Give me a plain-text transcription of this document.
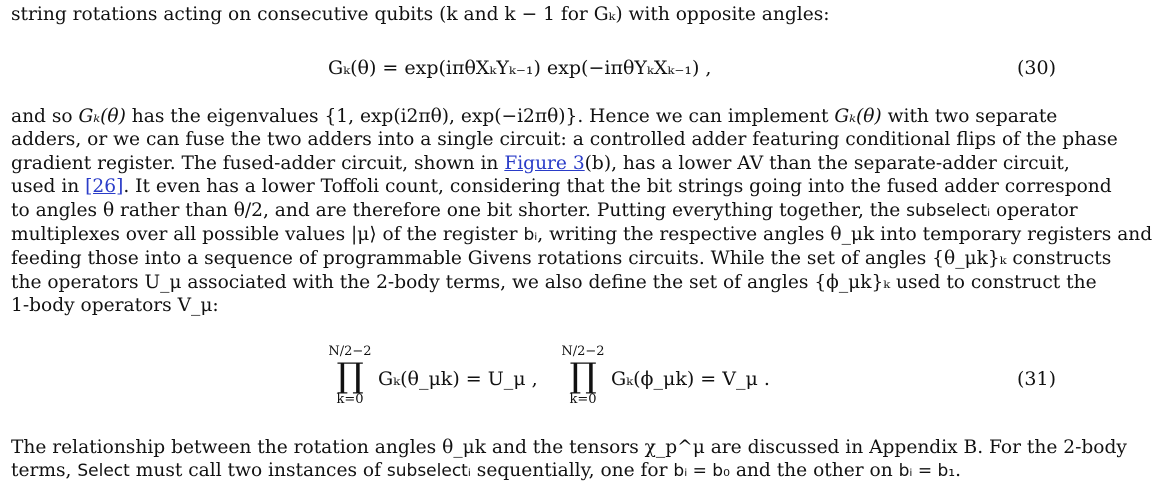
string rotations acting on consecutive qubits (k and k − 1 for Gₖ) with opposite angles:

Gₖ(θ) = exp(iπθXₖYₖ₋₁) exp(−iπθYₖXₖ₋₁) ,	(30)
and so Gₖ(θ) has the eigenvalues {1, exp(i2πθ), exp(−i2πθ)}. Hence we can implement Gₖ(θ) with two separate
adders, or we can fuse the two adders into a single circuit: a controlled adder featuring conditional flips of the phase
gradient register. The fused-adder circuit, shown in Figure 3(b), has a lower AV than the separate-adder circuit,
used in [26]. It even has a lower Toffoli count, considering that the bit strings going into the fused adder correspond
to angles θ rather than θ/2, and are therefore one bit shorter. Putting everything together, the subselectᵢ operator
multiplexes over all possible values |μ⟩ of the register bᵢ, writing the respective angles θ_μk into temporary registers and
feeding those into a sequence of programmable Givens rotations circuits. While the set of angles {θ_μk}ₖ constructs
the operators U_μ associated with the 2-body terms, we also define the set of angles {ϕ_μk}ₖ used to construct the
1-body operators V_μ:
N/2−2
∏
k=0
Gₖ(θ_μk) = U_μ ,
N/2−2
∏
k=0
Gₖ(ϕ_μk) = V_μ .	(31)
The relationship between the rotation angles θ_μk and the tensors χ_p^μ are discussed in Appendix B. For the 2-body
terms, Select must call two instances of subselectᵢ sequentially, one for bᵢ = b₀ and the other on bᵢ = b₁.
